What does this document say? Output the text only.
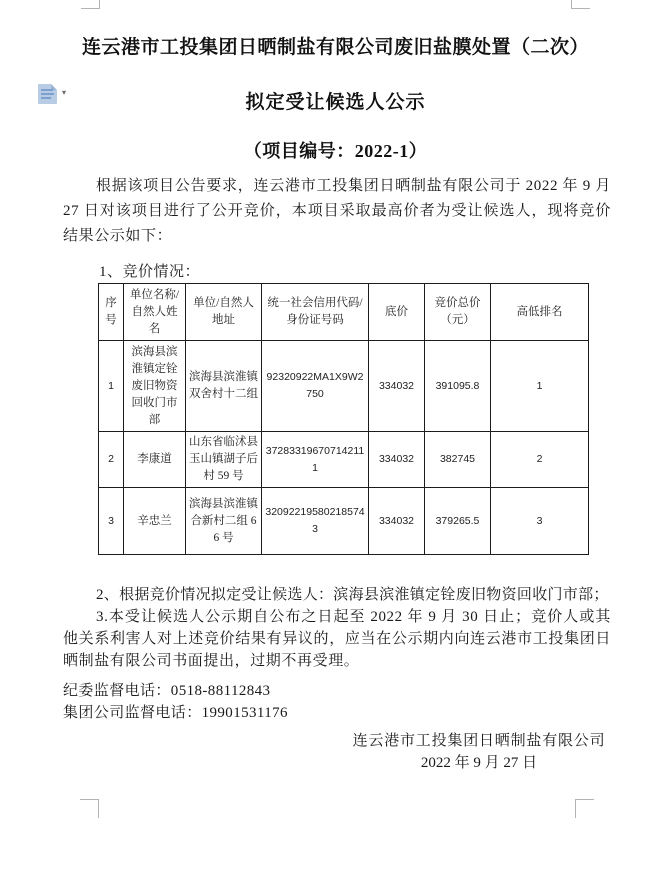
▾
连云港市工投集团日晒制盐有限公司废旧盐膜处置（二次）
拟定受让候选人公示
（项目编号：2022-1）
根据该项目公告要求，连云港市工投集团日晒制盐有限公司于 2022 年 9 月 27 日对该项目进行了公开竞价，本项目采取最高价者为受让候选人，现将竞价结果公示如下：
1、竞价情况：
序号	单位名称/自然人姓名	单位/自然人地址	统一社会信用代码/身份证号码	底价	竞价总价（元）	高低排名
1	滨海县滨淮镇定铨废旧物资回收门市部	滨海县滨淮镇双舍村十二组	92320922MA1X9W2750	334032	391095.8	1
2	李康道	山东省临沭县玉山镇湖子后村 59 号	372833196707142111	334032	382745	2
3	辛忠兰	滨海县滨淮镇合新村二组 66 号	320922195802185743	334032	379265.5	3
2、根据竞价情况拟定受让候选人：滨海县滨淮镇定铨废旧物资回收门市部；
3.本受让候选人公示期自公布之日起至 2022 年 9 月 30 日止；竞价人或其他关系利害人对上述竞价结果有异议的，应当在公示期内向连云港市工投集团日晒制盐有限公司书面提出，过期不再受理。
纪委监督电话：0518-88112843
集团公司监督电话：19901531176
连云港市工投集团日晒制盐有限公司
2022 年 9 月 27 日
